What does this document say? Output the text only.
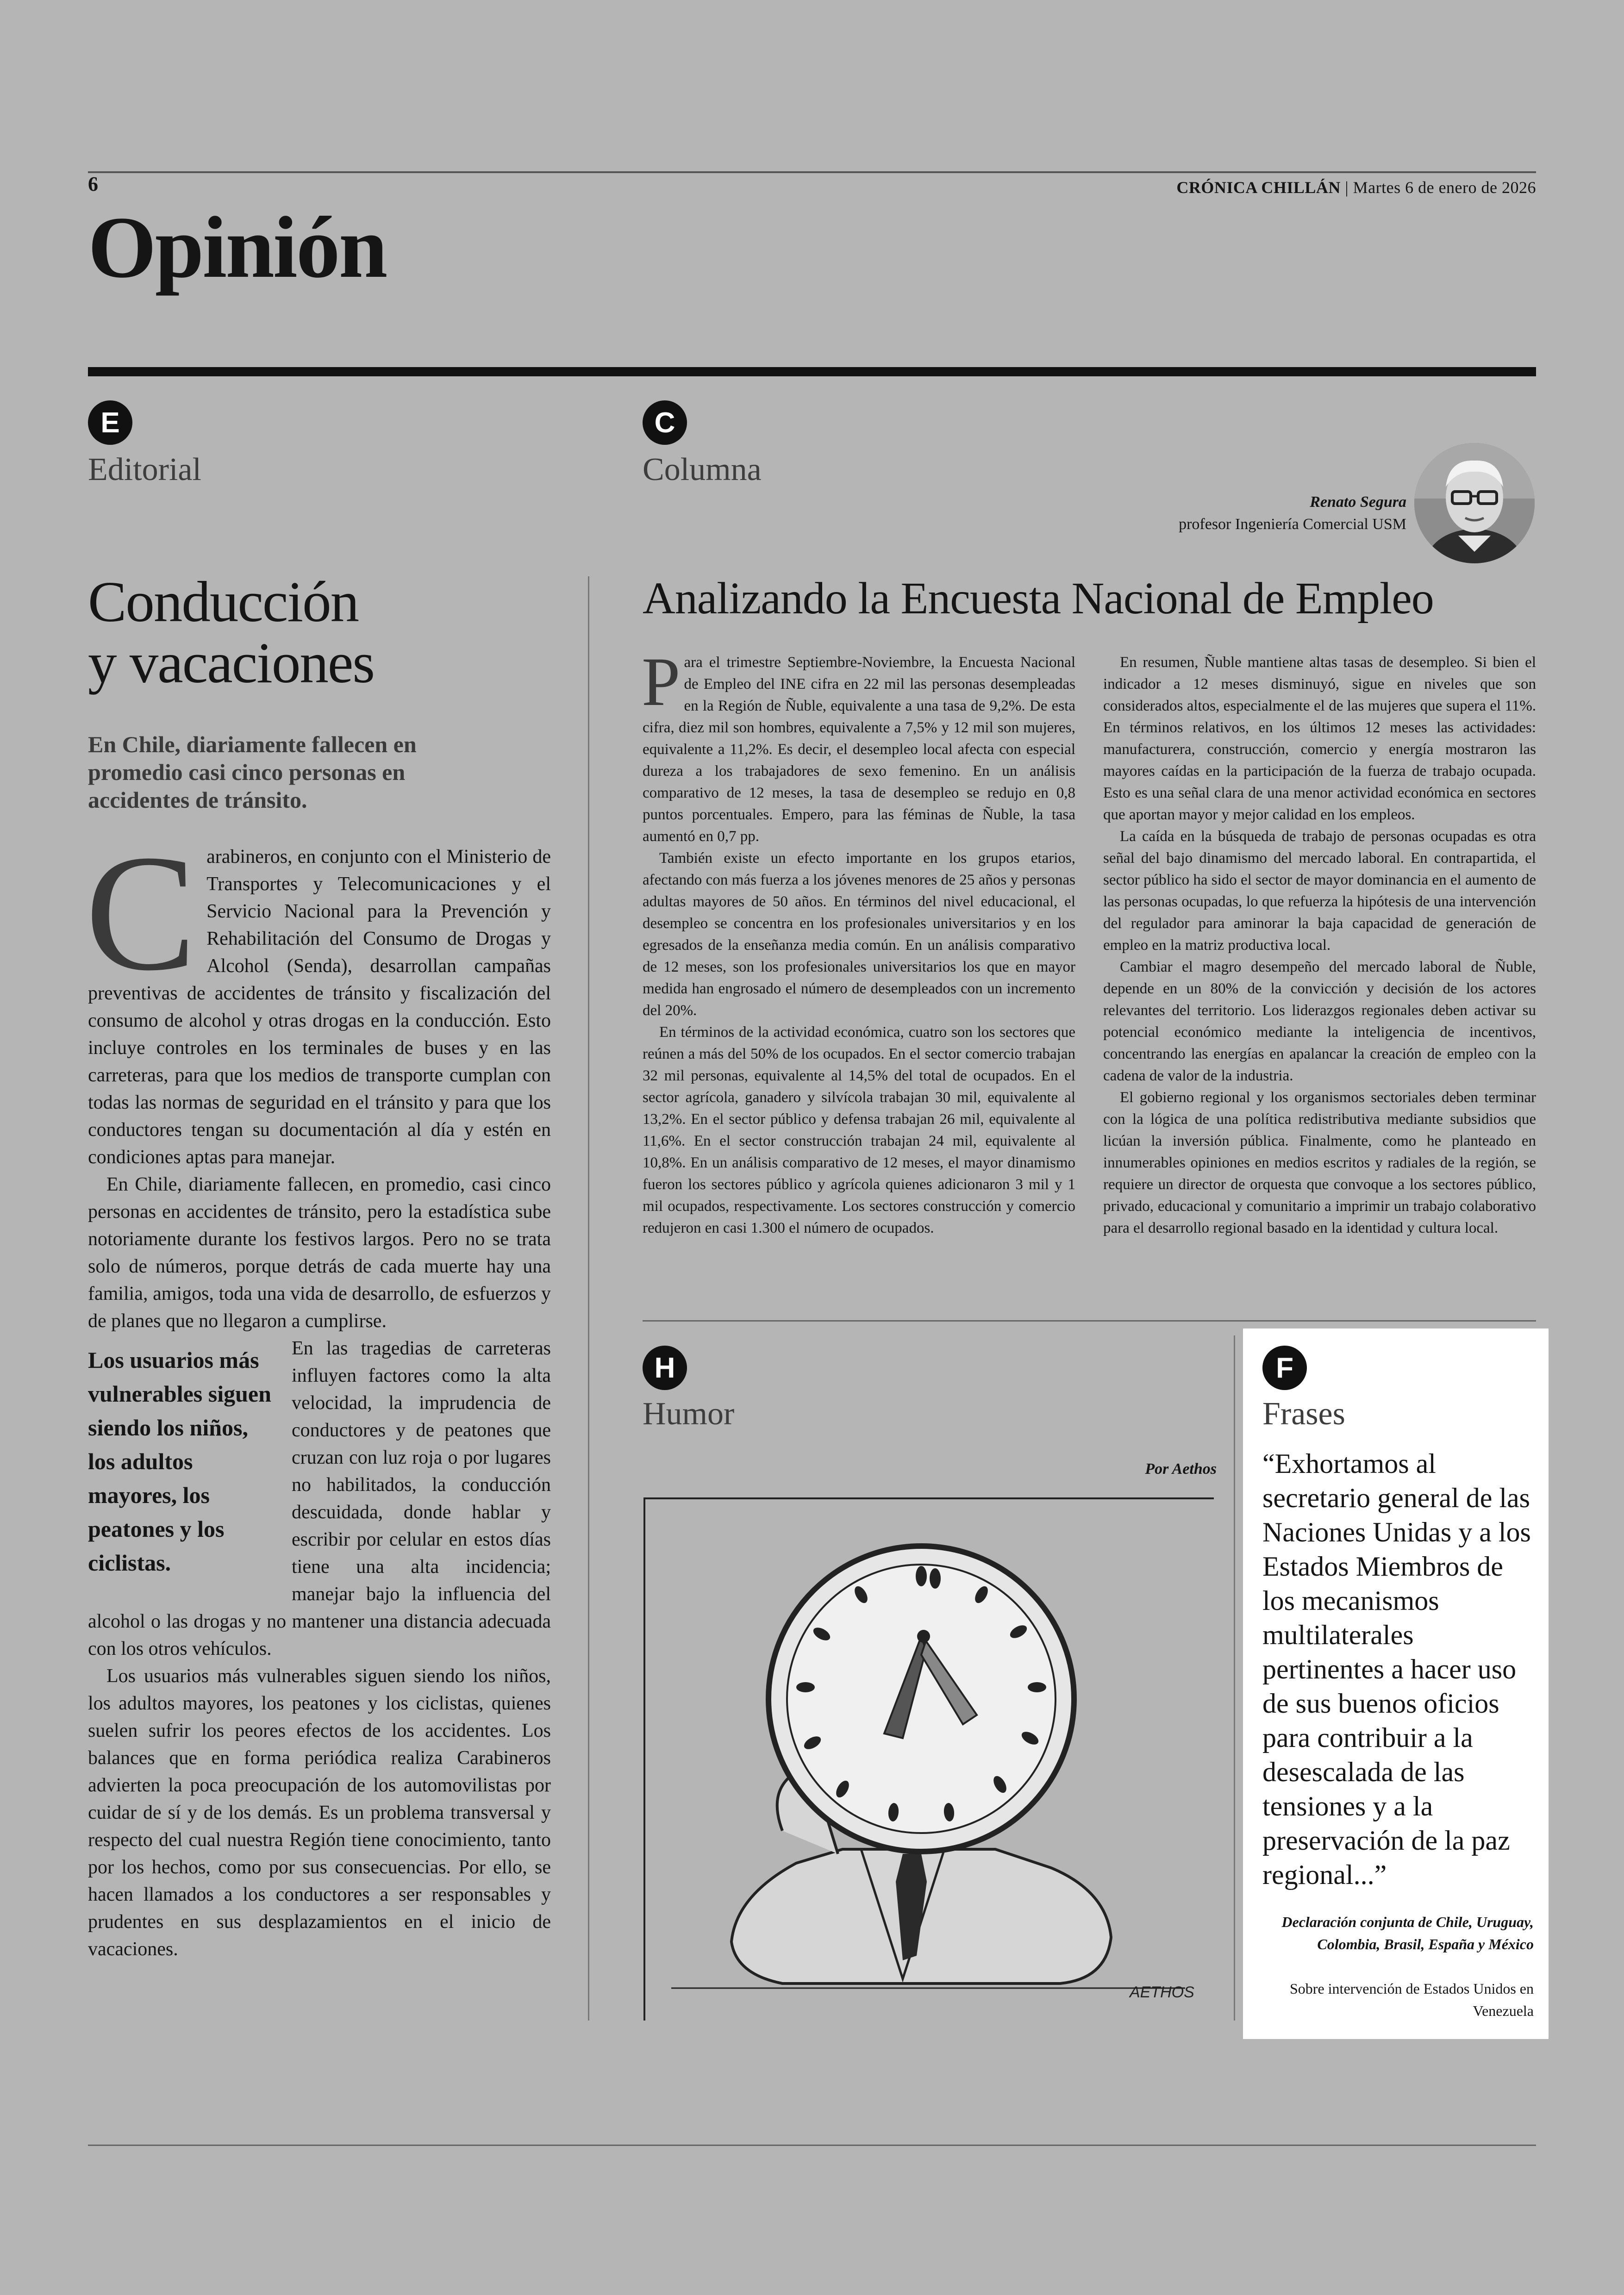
6	CRÓNICA CHILLÁN | Martes 6 de enero de 2026
Opinión
E
Editorial
C
Columna
Renato Segura
profesor Ingeniería Comercial USM
Conducción
y vacaciones
En Chile, diariamente fallecen en promedio casi cinco personas en accidentes de tránsito.

Carabineros, en conjunto con el Ministerio de Transportes y Telecomunicaciones y el Servicio Nacional para la Prevención y Rehabilitación del Consumo de Drogas y Alcohol (Senda), desarrollan campañas preventivas de accidentes de tránsito y fiscalización del consumo de alcohol y otras drogas en la conducción. Esto incluye controles en los terminales de buses y en las carreteras, para que los medios de transporte cumplan con todas las normas de seguridad en el tránsito y para que los conductores tengan su documentación al día y estén en condiciones aptas para manejar.

En Chile, diariamente fallecen, en promedio, casi cinco personas en accidentes de tránsito, pero la estadística sube notoriamente durante los festivos largos. Pero no se trata solo de números, porque detrás de cada muerte hay una familia, amigos, toda una vida de desarrollo, de esfuerzos y de planes que no llegaron a cumplirse.

Los usuarios más vulnerables siguen siendo los niños, los adultos mayores, los peatones y los ciclistas.
En las tragedias de carreteras influyen factores como la alta velocidad, la imprudencia de conductores y de peatones que cruzan con luz roja o por lugares no habilitados, la conducción descuidada, donde hablar y escribir por celular en estos días tiene una alta incidencia; manejar bajo la influencia del alcohol o las drogas y no mantener una distancia adecuada con los otros vehículos.

Los usuarios más vulnerables siguen siendo los niños, los adultos mayores, los peatones y los ciclistas, quienes suelen sufrir los peores efectos de los accidentes. Los balances que en forma periódica realiza Carabineros advierten la poca preocupación de los automovilistas por cuidar de sí y de los demás. Es un problema transversal y respecto del cual nuestra Región tiene conocimiento, tanto por los hechos, como por sus consecuencias. Por ello, se hacen llamados a los conductores a ser responsables y prudentes en sus desplazamientos en el inicio de vacaciones.

Analizando la Encuesta Nacional de Empleo

Para el trimestre Septiembre-Noviembre, la Encuesta Nacional de Empleo del INE cifra en 22 mil las personas desempleadas en la Región de Ñuble, equivalente a una tasa de 9,2%. De esta cifra, diez mil son hombres, equivalente a 7,5% y 12 mil son mujeres, equivalente a 11,2%. Es decir, el desempleo local afecta con especial dureza a los trabajadores de sexo femenino. En un análisis comparativo de 12 meses, la tasa de desempleo se redujo en 0,8 puntos porcentuales. Empero, para las féminas de Ñuble, la tasa aumentó en 0,7 pp.

También existe un efecto importante en los grupos etarios, afectando con más fuerza a los jóvenes menores de 25 años y personas adultas mayores de 50 años. En términos del nivel educacional, el desempleo se concentra en los profesionales universitarios y en los egresados de la enseñanza media común. En un análisis comparativo de 12 meses, son los profesionales universitarios los que en mayor medida han engrosado el número de desempleados con un incremento del 20%.

En términos de la actividad económica, cuatro son los sectores que reúnen a más del 50% de los ocupados. En el sector comercio trabajan 32 mil personas, equivalente al 14,5% del total de ocupados. En el sector agrícola, ganadero y silvícola trabajan 30 mil, equivalente al 13,2%. En el sector público y defensa trabajan 26 mil, equivalente al 11,6%. En el sector construcción trabajan 24 mil, equivalente al 10,8%. En un análisis comparativo de 12 meses, el mayor dinamismo fueron los sectores público y agrícola quienes adicionaron 3 mil y 1 mil ocupados, respectivamente. Los sectores construcción y comercio redujeron en casi 1.300 el número de ocupados.

En resumen, Ñuble mantiene altas tasas de desempleo. Si bien el indicador a 12 meses disminuyó, sigue en niveles que son considerados altos, especialmente el de las mujeres que supera el 11%. En términos relativos, en los últimos 12 meses las actividades: manufacturera, construcción, comercio y energía mostraron las mayores caídas en la participación de la fuerza de trabajo ocupada. Esto es una señal clara de una menor actividad económica en sectores que aportan mayor y mejor calidad en los empleos.

La caída en la búsqueda de trabajo de personas ocupadas es otra señal del bajo dinamismo del mercado laboral. En contrapartida, el sector público ha sido el sector de mayor dominancia en el aumento de las personas ocupadas, lo que refuerza la hipótesis de una intervención del regulador para aminorar la baja capacidad de generación de empleo en la matriz productiva local.

Cambiar el magro desempeño del mercado laboral de Ñuble, depende en un 80% de la convicción y decisión de los actores relevantes del territorio. Los liderazgos regionales deben activar su potencial económico mediante la inteligencia de incentivos, concentrando las energías en apalancar la creación de empleo con la cadena de valor de la industria.

El gobierno regional y los organismos sectoriales deben terminar con la lógica de una política redistributiva mediante subsidios que licúan la inversión pública. Finalmente, como he planteado en innumerables opiniones en medios escritos y radiales de la región, se requiere un director de orquesta que convoque a los sectores público, privado, educacional y comunitario a imprimir un trabajo colaborativo para el desarrollo regional basado en la identidad y cultura local.

H
Humor
Por Aethos
AETHOS
F
Frases
“Exhortamos al secretario general de las Naciones Unidas y a los Estados Miembros de los mecanismos multilaterales pertinentes a hacer uso de sus buenos oficios para contribuir a la desescalada de las tensiones y a la preservación de la paz regional...”
Declaración conjunta de Chile, Uruguay, Colombia, Brasil, España y México
Sobre intervención de Estados Unidos en Venezuela
